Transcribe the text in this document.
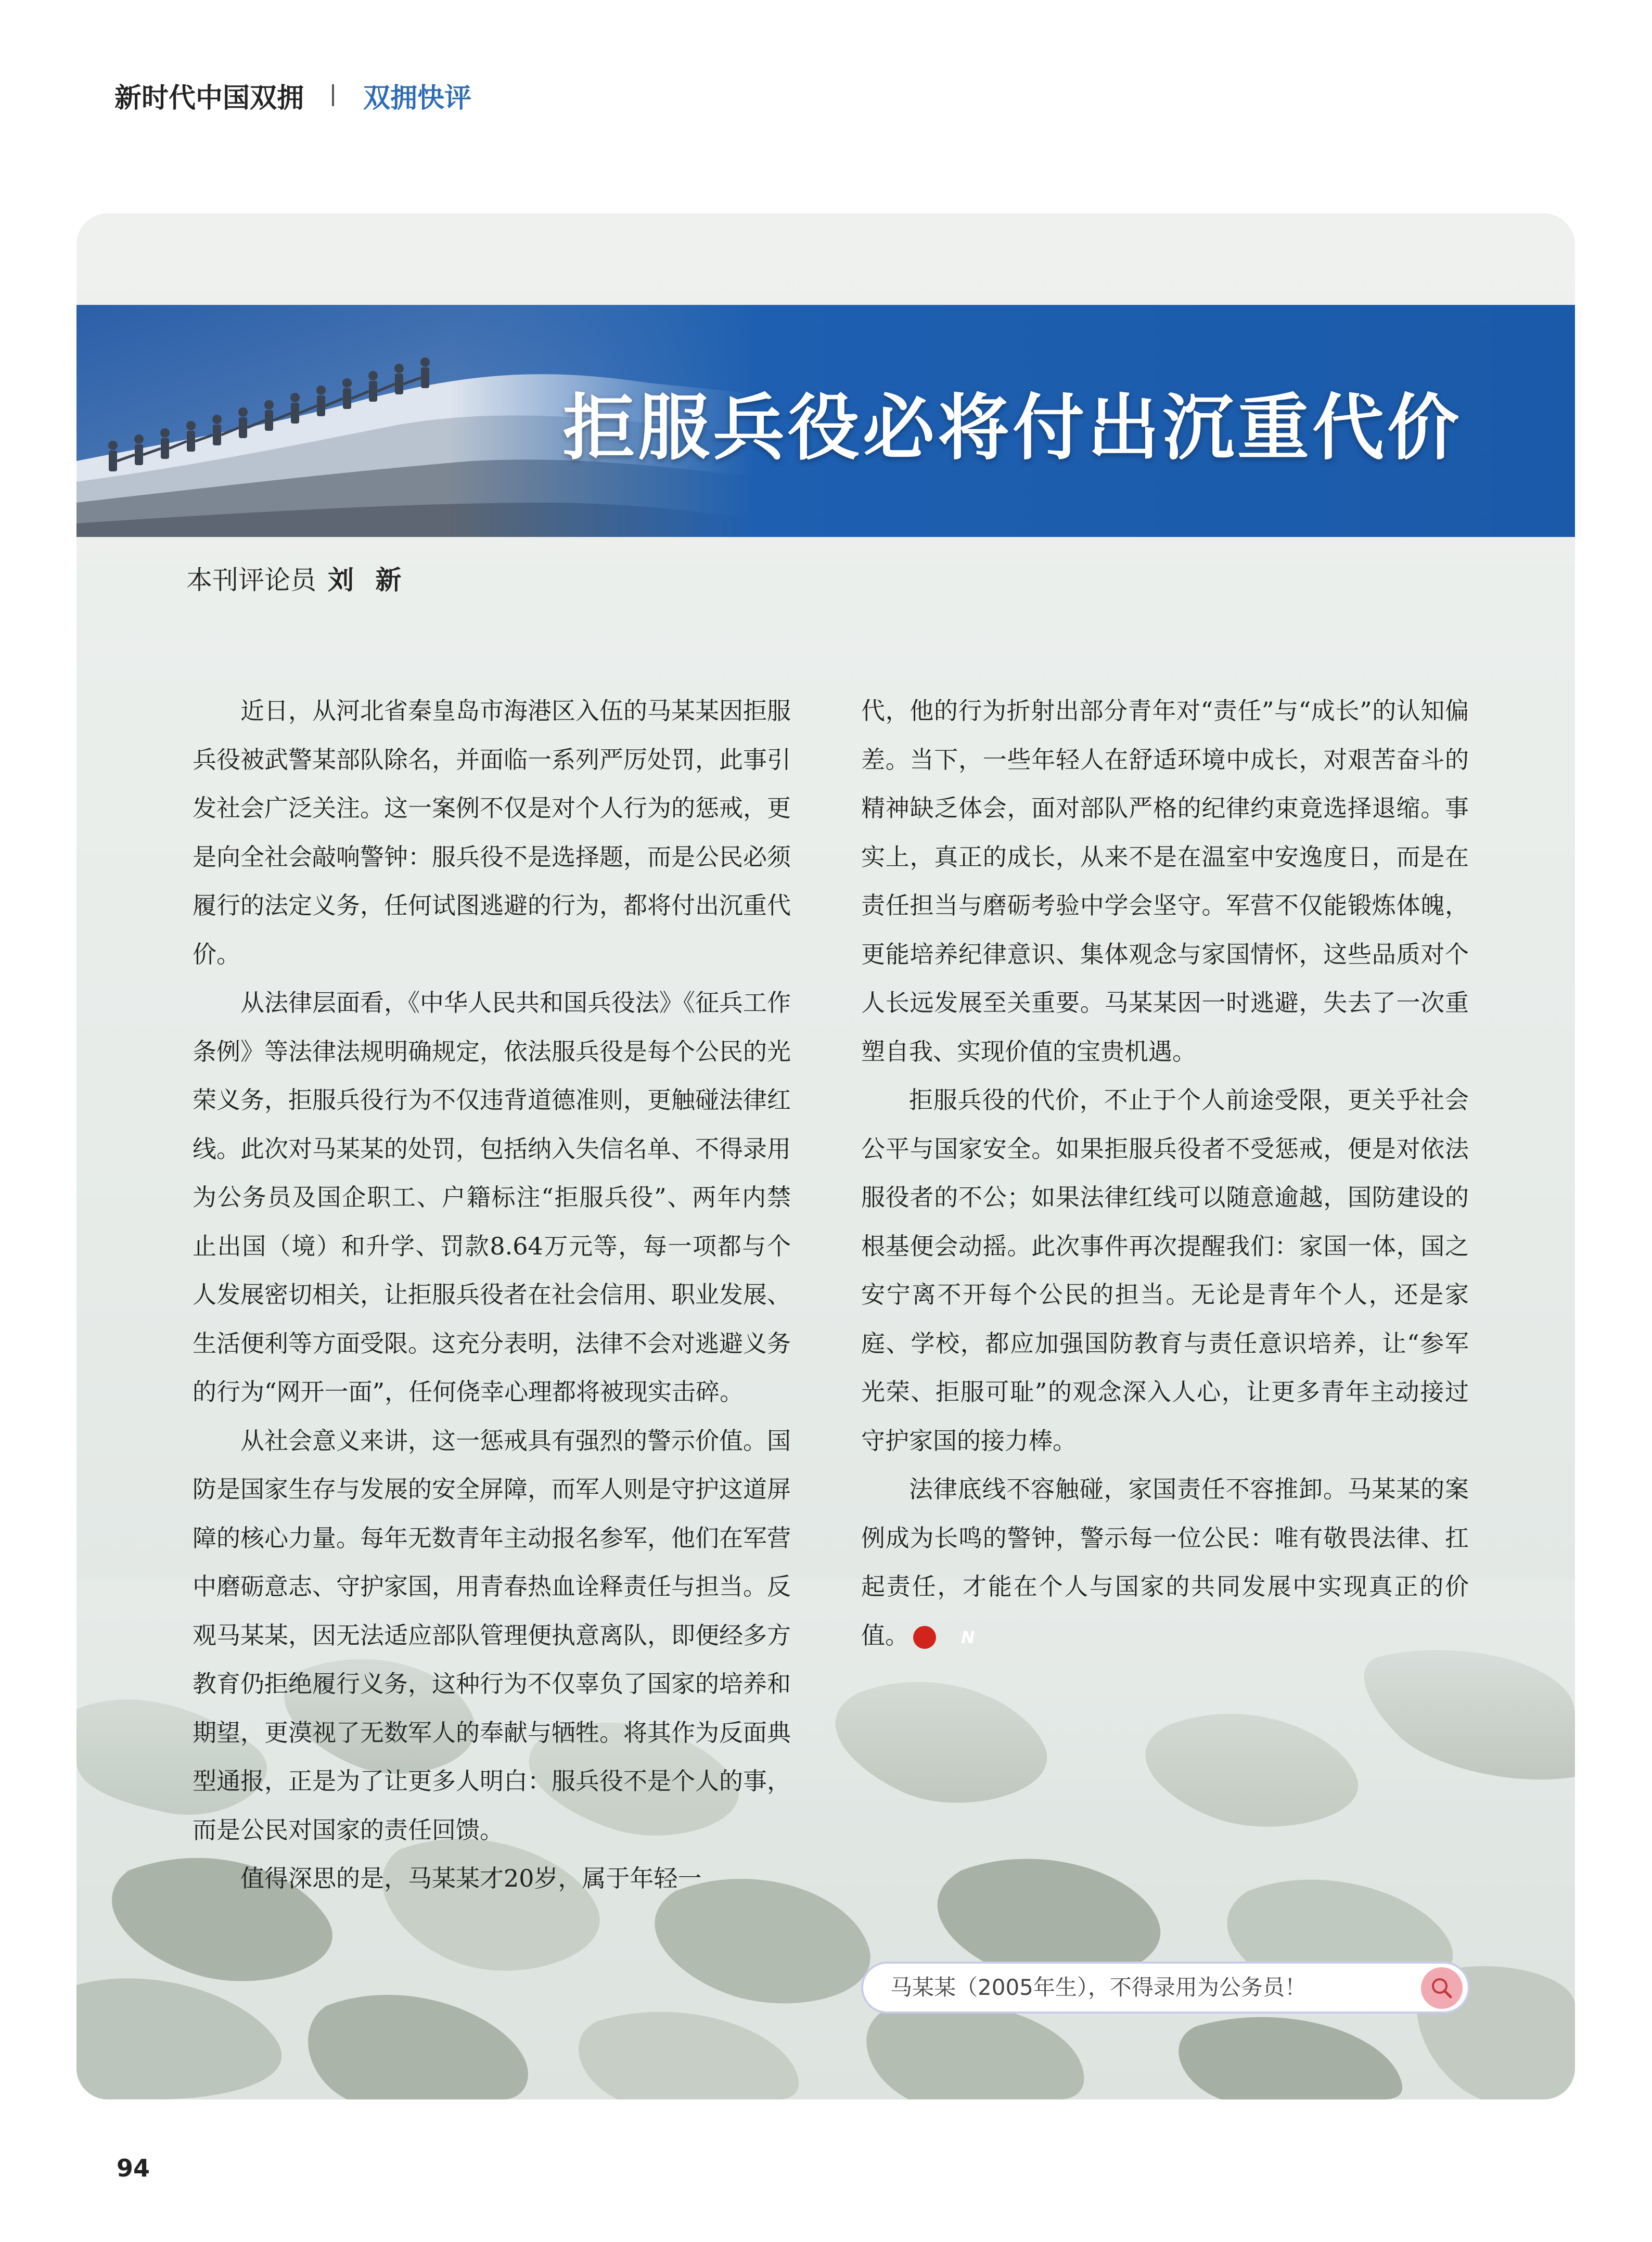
新时代中国双拥 双拥快评
拒服兵役必将付出沉重代价
本刊评论员 刘 新

近日，从河北省秦皇岛市海港区入伍的马某某因拒服兵役被武警某部队除名，并面临一系列严厉处罚，此事引发社会广泛关注。这一案例不仅是对个人行为的惩戒，更是向全社会敲响警钟：服兵役不是选择题，而是公民必须履行的法定义务，任何试图逃避的行为，都将付出沉重代价。

从法律层面看，《中华人民共和国兵役法》《征兵工作条例》等法律法规明确规定，依法服兵役是每个公民的光荣义务，拒服兵役行为不仅违背道德准则，更触碰法律红线。此次对马某某的处罚，包括纳入失信名单、不得录用为公务员及国企职工、户籍标注“拒服兵役”、两年内禁止出国（境）和升学、罚款8.64万元等，每一项都与个人发展密切相关，让拒服兵役者在社会信用、职业发展、生活便利等方面受限。这充分表明，法律不会对逃避义务的行为“网开一面”，任何侥幸心理都将被现实击碎。

从社会意义来讲，这一惩戒具有强烈的警示价值。国防是国家生存与发展的安全屏障，而军人则是守护这道屏障的核心力量。每年无数青年主动报名参军，他们在军营中磨砺意志、守护家国，用青春热血诠释责任与担当。反观马某某，因无法适应部队管理便执意离队，即便经多方教育仍拒绝履行义务，这种行为不仅辜负了国家的培养和期望，更漠视了无数军人的奉献与牺牲。将其作为反面典型通报，正是为了让更多人明白：服兵役不是个人的事，而是公民对国家的责任回馈。

值得深思的是，马某某才20岁，属于年轻一

代，他的行为折射出部分青年对“责任”与“成长”的认知偏差。当下，一些年轻人在舒适环境中成长，对艰苦奋斗的精神缺乏体会，面对部队严格的纪律约束竟选择退缩。事实上，真正的成长，从来不是在温室中安逸度日，而是在责任担当与磨砺考验中学会坚守。军营不仅能锻炼体魄，更能培养纪律意识、集体观念与家国情怀，这些品质对个人长远发展至关重要。马某某因一时逃避，失去了一次重塑自我、实现价值的宝贵机遇。

拒服兵役的代价，不止于个人前途受限，更关乎社会公平与国家安全。如果拒服兵役者不受惩戒，便是对依法服役者的不公；如果法律红线可以随意逾越，国防建设的根基便会动摇。此次事件再次提醒我们：家国一体，国之安宁离不开每个公民的担当。无论是青年个人，还是家庭、学校，都应加强国防教育与责任意识培养，让“参军光荣、拒服可耻”的观念深入人心，让更多青年主动接过守护家国的接力棒。

法律底线不容触碰，家国责任不容推卸。马某某的案例成为长鸣的警钟，警示每一位公民：唯有敬畏法律、扛起责任，才能在个人与国家的共同发展中实现真正的价值。	N

马某某（2005年生），不得录用为公务员！
94
